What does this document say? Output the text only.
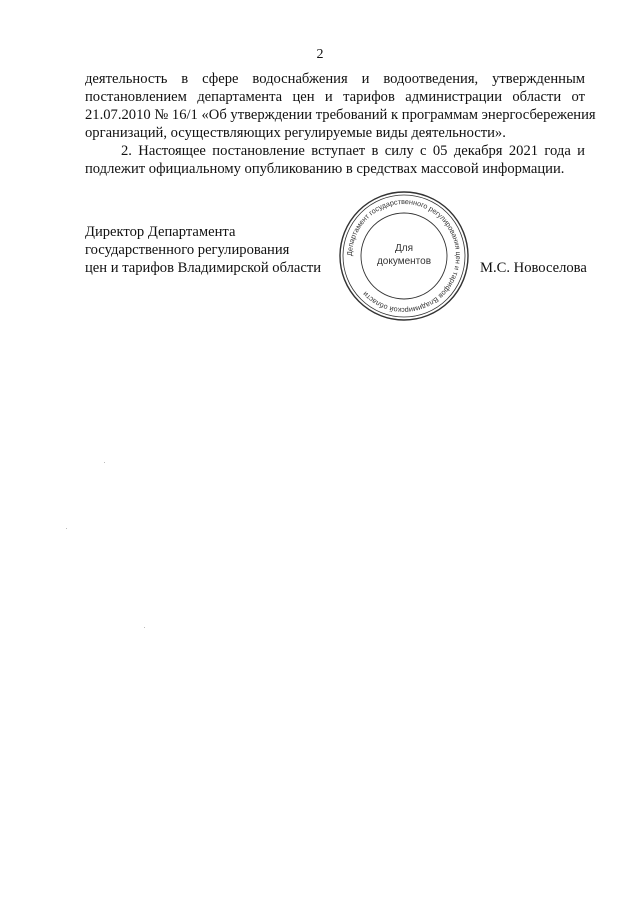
2
деятельность в сфере водоснабжения и водоотведения, утвержденным
постановлением департамента цен и тарифов администрации области от
21.07.2010 № 16/1 «Об утверждении требований к программам энергосбережения
организаций, осуществляющих регулируемые виды деятельности».
2. Настоящее постановление вступает в силу с 05 декабря 2021 года и
подлежит официальному опубликованию в средствах массовой информации.
Директор Департамента
государственного регулирования
цен и тарифов Владимирской области	М.С. Новоселова
Департамент государственного регулирования цен и тарифов Владимирской области
Для
документов
